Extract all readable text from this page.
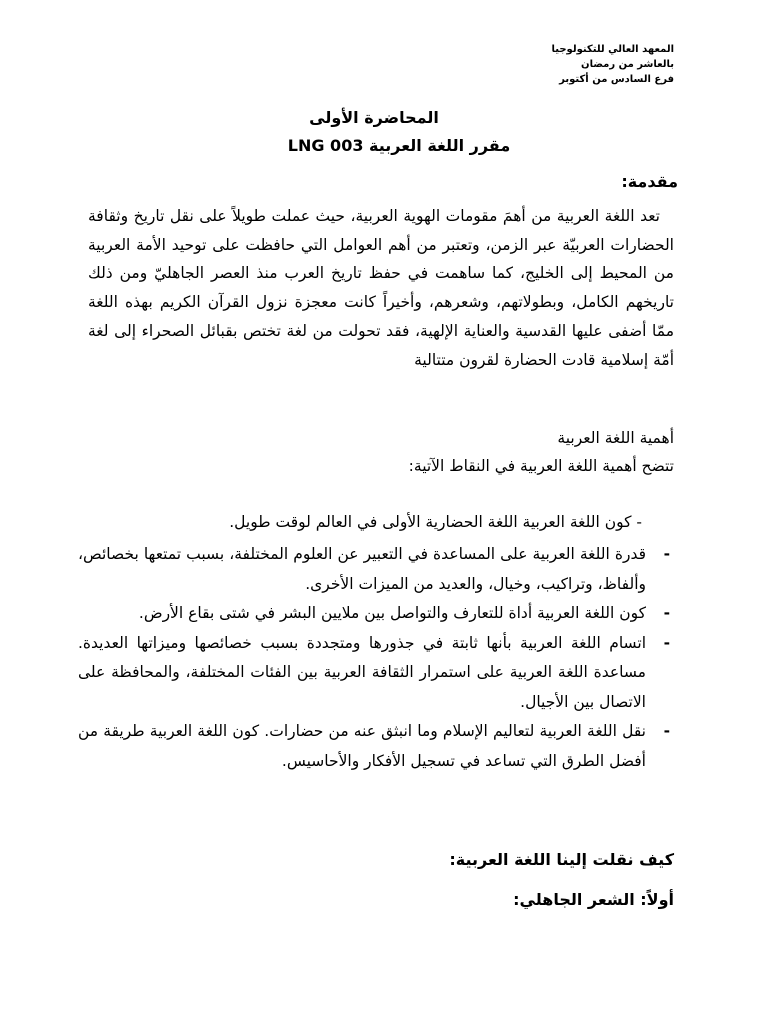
المعهد العالي للتكنولوجيا
بالعاشر من رمضان
فرع السادس من أكتوبر
المحاضرة الأولى
مقرر اللغة العربية LNG 003
مقدمة:

تعد اللغة العربية من أهمَ مقومات الهوية العربية، حيث عملت طويلاً على نقل تاريخ وثقافة الحضارات العربيّة عبر الزمن، وتعتبر من أهم العوامل التي حافظت على توحيد الأمة العربية من المحيط إلى الخليج، كما ساهمت في حفظ تاريخ العرب منذ العصر الجاهليّ ومن ذلك تاريخهم الكامل، وبطولاتهم، وشعرهم، وأخيراً كانت معجزة نزول القرآن الكريم بهذه اللغة ممّا أضفى عليها القدسية والعناية الإلهية، فقد تحولت من لغة تختص بقبائل الصحراء إلى لغة أمّة إسلامية قادت الحضارة لقرون متتالية

أهمية اللغة العربية
تتضح أهمية اللغة العربية في النقاط الآتية:
- كون اللغة العربية اللغة الحضارية الأولى في العالم لوقت طويل.
-
قدرة اللغة العربية على المساعدة في التعبير عن العلوم المختلفة، بسبب تمتعها بخصائص، وألفاظ، وتراكيب، وخيال، والعديد من الميزات الأخرى.
-
كون اللغة العربية أداة للتعارف والتواصل بين ملايين البشر في شتى بقاع الأرض.
-
اتسام اللغة العربية بأنها ثابتة في جذورها ومتجددة بسبب خصائصها وميزاتها العديدة. مساعدة اللغة العربية على استمرار الثقافة العربية بين الفئات المختلفة، والمحافظة على الاتصال بين الأجيال.
-
نقل اللغة العربية لتعاليم الإسلام وما انبثق عنه من حضارات. كون اللغة العربية طريقة من أفضل الطرق التي تساعد في تسجيل الأفكار والأحاسيس.
كيف نقلت إلينا اللغة العربية:
أولاً: الشعر الجاهلي:
